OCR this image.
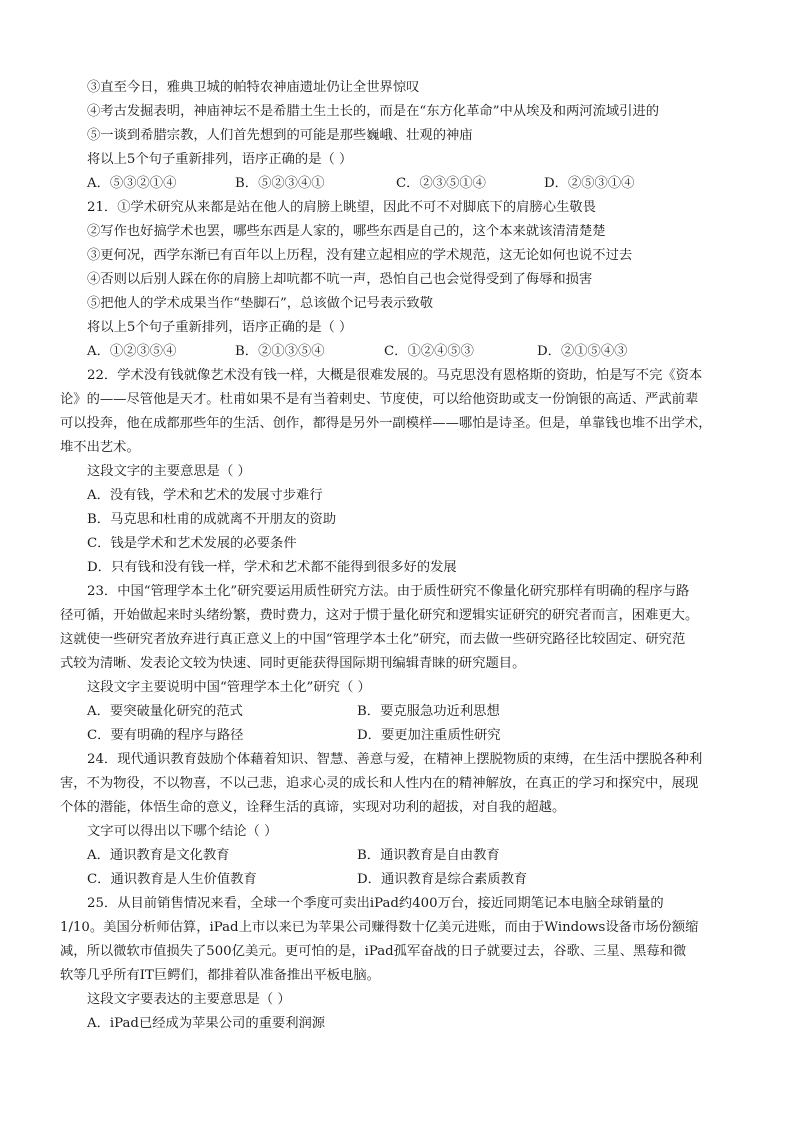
③直至今日，雅典卫城的帕特农神庙遗址仍让全世界惊叹
④考古发掘表明，神庙神坛不是希腊土生土长的，而是在“东方化革命”中从埃及和两河流域引进的
⑤一谈到希腊宗教，人们首先想到的可能是那些巍峨、壮观的神庙
将以上5个句子重新排列，语序正确的是（ ）
A．⑤③②①④	B．⑤②③④①	C．②③⑤①④	D．②⑤③①④
21．①学术研究从来都是站在他人的肩膀上眺望，因此不可不对脚底下的肩膀心生敬畏
②写作也好搞学术也罢，哪些东西是人家的，哪些东西是自己的，这个本来就该清清楚楚
③更何况，西学东渐已有百年以上历程，没有建立起相应的学术规范，这无论如何也说不过去
④否则以后别人踩在你的肩膀上却吭都不吭一声，恐怕自己也会觉得受到了侮辱和损害
⑤把他人的学术成果当作“垫脚石”，总该做个记号表示致敬
将以上5个句子重新排列，语序正确的是（ ）
A．①②③⑤④	B．②①③⑤④	C．①②④⑤③	D．②①⑤④③
22．学术没有钱就像艺术没有钱一样，大概是很难发展的。马克思没有恩格斯的资助，怕是写不完《资本
论》的——尽管他是天才。杜甫如果不是有当着剌史、节度使，可以给他资助或支一份饷银的高适、严武前辈
可以投奔，他在成都那些年的生活、创作，都得是另外一副模样——哪怕是诗圣。但是，单靠钱也堆不出学术，
堆不出艺术。
这段文字的主要意思是（ ）
A．没有钱，学术和艺术的发展寸步难行
B．马克思和杜甫的成就离不开朋友的资助
C．钱是学术和艺术发展的必要条件
D．只有钱和没有钱一样，学术和艺术都不能得到很多好的发展
23．中国“管理学本土化”研究要运用质性研究方法。由于质性研究不像量化研究那样有明确的程序与路
径可循，开始做起来时头绪纷繁，费时费力，这对于惯于量化研究和逻辑实证研究的研究者而言，困难更大。
这就使一些研究者放弃进行真正意义上的中国“管理学本土化”研究，而去做一些研究路径比较固定、研究范
式较为清晰、发表论文较为快速、同时更能获得国际期刊编辑青睐的研究题目。
这段文字主要说明中国“管理学本土化”研究（ ）
A．要突破量化研究的范式	B．要克服急功近利思想
C．要有明确的程序与路径	D．要更加注重质性研究
24．现代通识教育鼓励个体藉着知识、智慧、善意与爱，在精神上摆脱物质的束缚，在生活中摆脱各种利
害，不为物役，不以物喜，不以己悲，追求心灵的成长和人性内在的精神解放，在真正的学习和探究中，展现
个体的潜能，体悟生命的意义，诠释生活的真谛，实现对功利的超拔，对自我的超越。
文字可以得出以下哪个结论（ ）
A．通识教育是文化教育	B．通识教育是自由教育
C．通识教育是人生价值教育	D．通识教育是综合素质教育
25．从目前销售情况来看，全球一个季度可卖出iPad约400万台，接近同期笔记本电脑全球销量的
1/10。美国分析师估算，iPad上市以来已为苹果公司赚得数十亿美元进账，而由于Windows设备市场份额缩
减，所以微软市值损失了500亿美元。更可怕的是，iPad孤军奋战的日子就要过去，谷歌、三星、黑莓和微
软等几乎所有IT巨鳄们，都排着队准备推出平板电脑。
这段文字要表达的主要意思是（ ）
A．iPad已经成为苹果公司的重要利润源
